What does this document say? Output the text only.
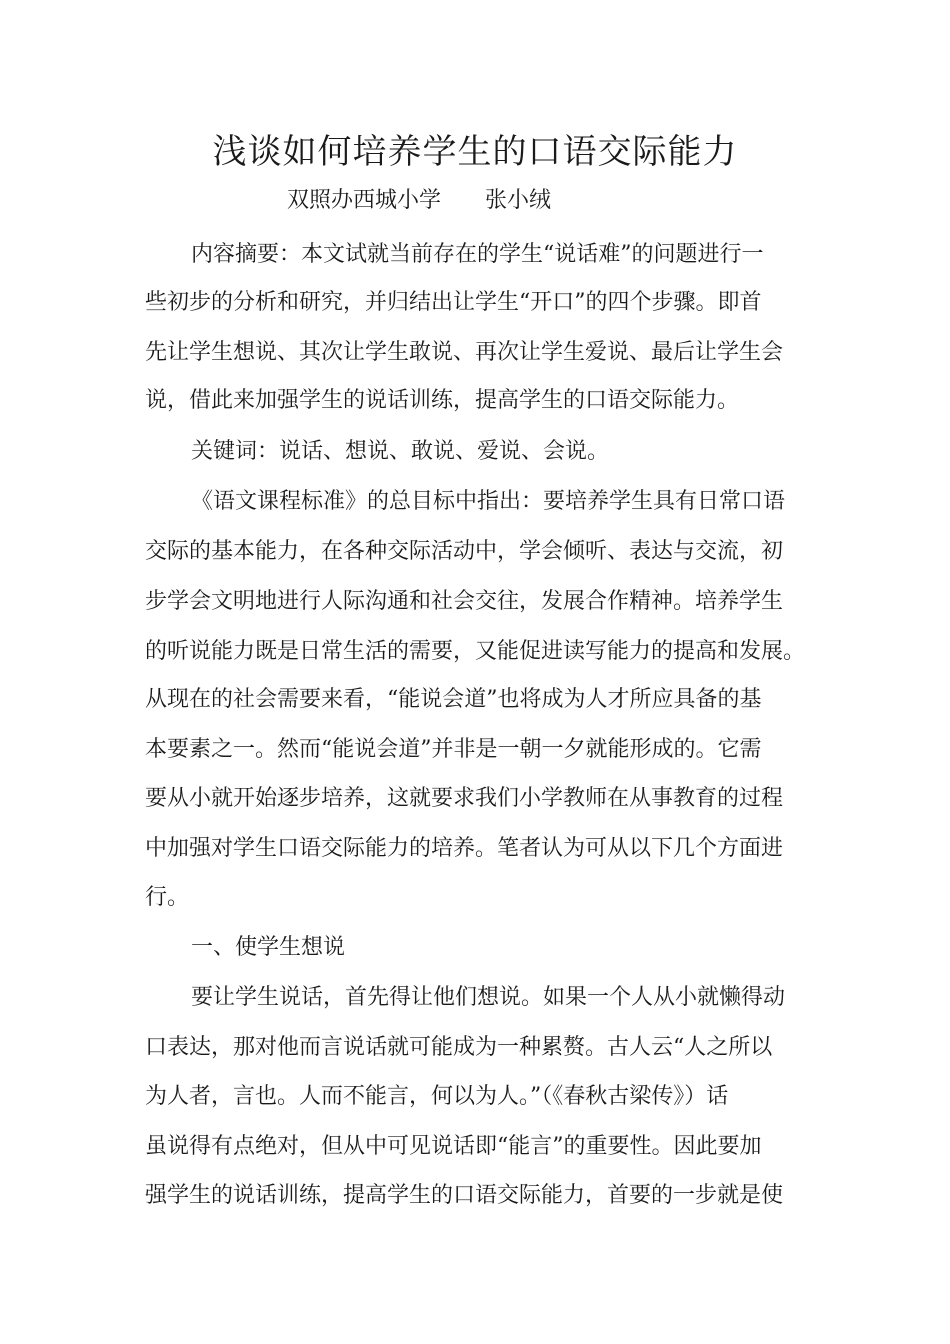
浅谈如何培养学生的口语交际能力
双照办西城小学 张小绒
内容摘要：本文试就当前存在的学生“说话难”的问题进行一
些初步的分析和研究，并归结出让学生“开口”的四个步骤。即首
先让学生想说、其次让学生敢说、再次让学生爱说、最后让学生会
说，借此来加强学生的说话训练，提高学生的口语交际能力。
关键词：说话、想说、敢说、爱说、会说。
《语文课程标准》的总目标中指出：要培养学生具有日常口语
交际的基本能力，在各种交际活动中，学会倾听、表达与交流，初
步学会文明地进行人际沟通和社会交往，发展合作精神。培养学生
的听说能力既是日常生活的需要，又能促进读写能力的提高和发展。
从现在的社会需要来看，“能说会道”也将成为人才所应具备的基
本要素之一。然而“能说会道”并非是一朝一夕就能形成的。它需
要从小就开始逐步培养，这就要求我们小学教师在从事教育的过程
中加强对学生口语交际能力的培养。笔者认为可从以下几个方面进
行。
一、使学生想说
要让学生说话，首先得让他们想说。如果一个人从小就懒得动
口表达，那对他而言说话就可能成为一种累赘。古人云“人之所以
为人者，言也。人而不能言，何以为人。”（《春秋古梁传》）话
虽说得有点绝对，但从中可见说话即“能言”的重要性。因此要加
强学生的说话训练，提高学生的口语交际能力，首要的一步就是使
